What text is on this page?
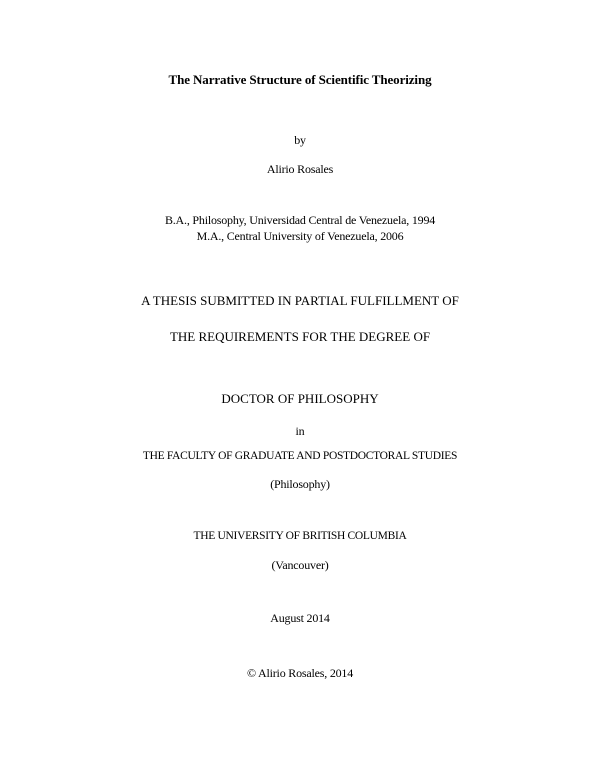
The Narrative Structure of Scientific Theorizing
by
Alirio Rosales
B.A., Philosophy, Universidad Central de Venezuela, 1994
M.A., Central University of Venezuela, 2006
A THESIS SUBMITTED IN PARTIAL FULFILLMENT OF
THE REQUIREMENTS FOR THE DEGREE OF
DOCTOR OF PHILOSOPHY
in
THE FACULTY OF GRADUATE AND POSTDOCTORAL STUDIES
(Philosophy)
THE UNIVERSITY OF BRITISH COLUMBIA
(Vancouver)
August 2014
© Alirio Rosales, 2014
